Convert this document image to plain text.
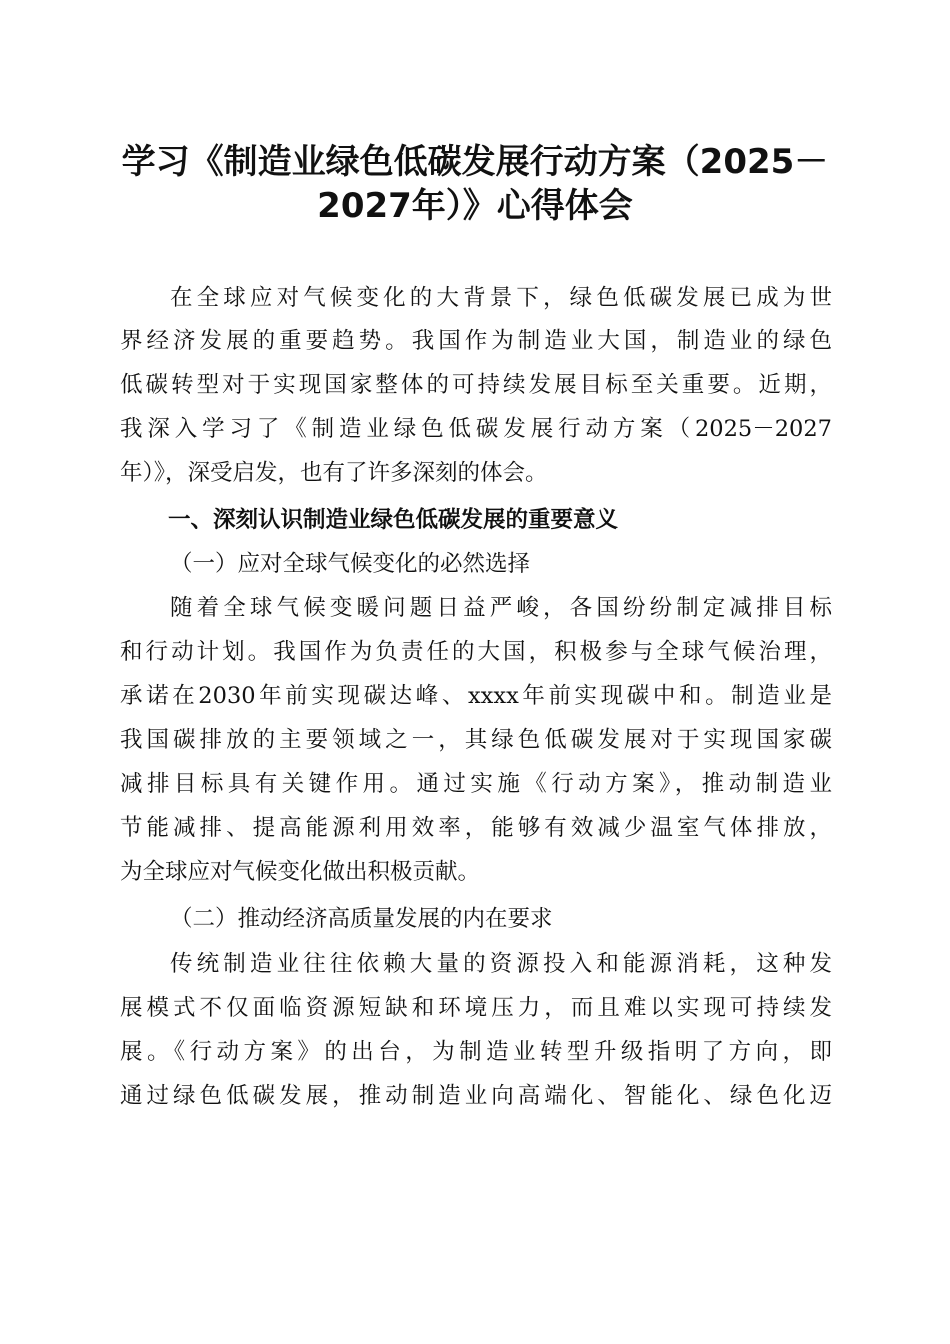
学习《制造业绿色低碳发展行动方案（2025－
2027年）》心得体会
在全球应对气候变化的大背景下，绿色低碳发展已成为世
界经济发展的重要趋势。我国作为制造业大国，制造业的绿色
低碳转型对于实现国家整体的可持续发展目标至关重要。近期，
我深入学习了《制造业绿色低碳发展行动方案（2025－2027
年）》，深受启发，也有了许多深刻的体会。
一、深刻认识制造业绿色低碳发展的重要意义
（一）应对全球气候变化的必然选择
随着全球气候变暖问题日益严峻，各国纷纷制定减排目标
和行动计划。我国作为负责任的大国，积极参与全球气候治理，
承诺在2030年前实现碳达峰、xxxx年前实现碳中和。制造业是
我国碳排放的主要领域之一，其绿色低碳发展对于实现国家碳
减排目标具有关键作用。通过实施《行动方案》，推动制造业
节能减排、提高能源利用效率，能够有效减少温室气体排放，
为全球应对气候变化做出积极贡献。
（二）推动经济高质量发展的内在要求
传统制造业往往依赖大量的资源投入和能源消耗，这种发
展模式不仅面临资源短缺和环境压力，而且难以实现可持续发
展。《行动方案》的出台，为制造业转型升级指明了方向，即
通过绿色低碳发展，推动制造业向高端化、智能化、绿色化迈
